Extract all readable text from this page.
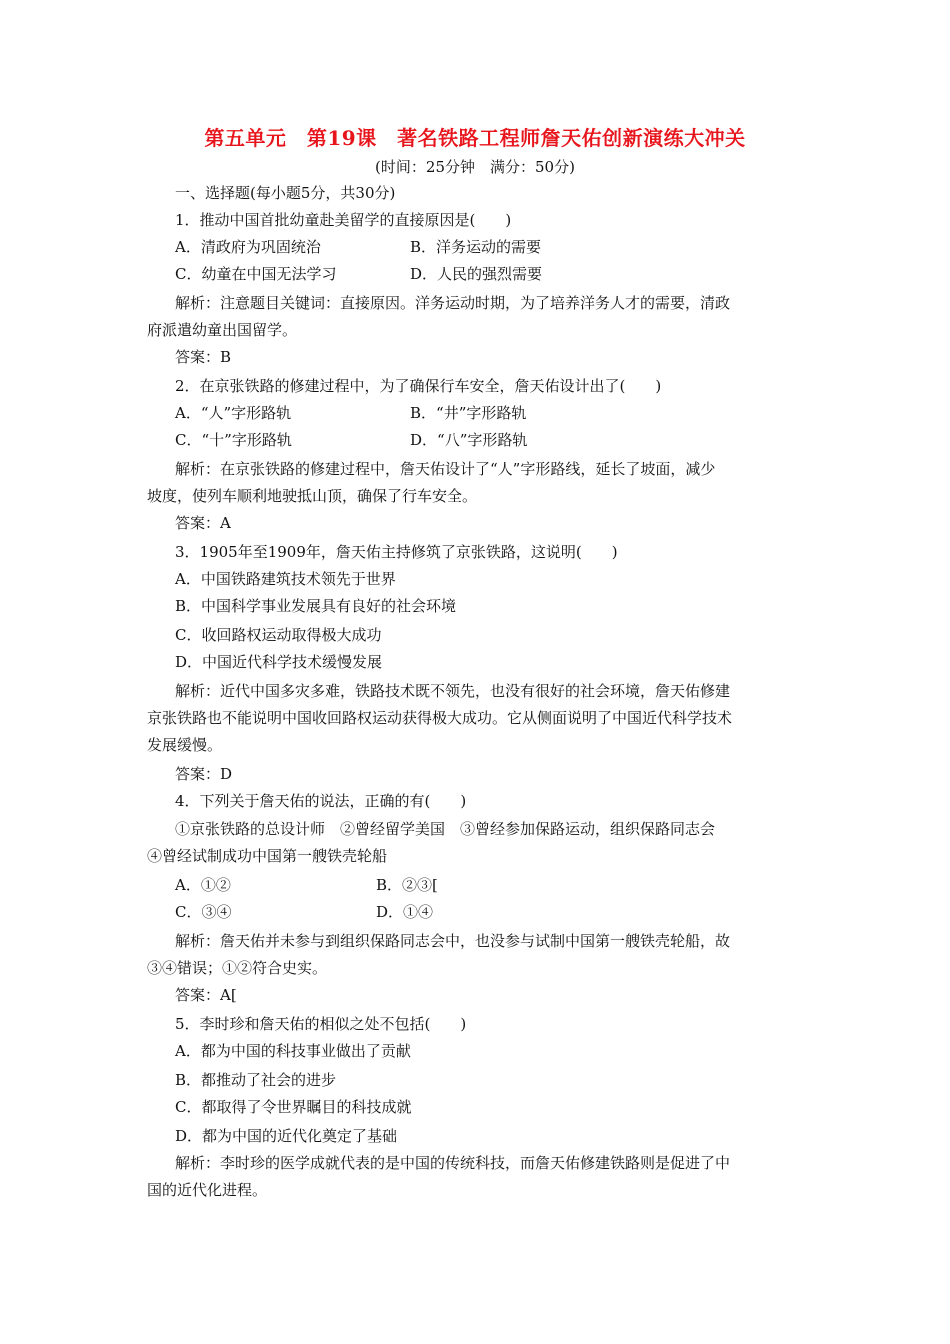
第五单元　第19课　著名铁路工程师詹天佑创新演练大冲关
(时间：25分钟　满分：50分)
一、选择题(每小题5分，共30分)
1．推动中国首批幼童赴美留学的直接原因是(　　)
A．清政府为巩固统治	B．洋务运动的需要
C．幼童在中国无法学习	D．人民的强烈需要
解析：注意题目关键词：直接原因。洋务运动时期，为了培养洋务人才的需要，清政
府派遣幼童出国留学。
答案：B
2．在京张铁路的修建过程中，为了确保行车安全，詹天佑设计出了(　　)
A．“人”字形路轨	B．“井”字形路轨
C．“十”字形路轨	D．“八”字形路轨
解析：在京张铁路的修建过程中，詹天佑设计了“人”字形路线，延长了坡面，减少
坡度，使列车顺利地驶抵山顶，确保了行车安全。
答案：A
3．1905年至1909年，詹天佑主持修筑了京张铁路，这说明(　　)
A．中国铁路建筑技术领先于世界
B．中国科学事业发展具有良好的社会环境
C．收回路权运动取得极大成功
D．中国近代科学技术缓慢发展
解析：近代中国多灾多难，铁路技术既不领先，也没有很好的社会环境，詹天佑修建
京张铁路也不能说明中国收回路权运动获得极大成功。它从侧面说明了中国近代科学技术
发展缓慢。
答案：D
4．下列关于詹天佑的说法，正确的有(　　)
①京张铁路的总设计师　②曾经留学美国　③曾经参加保路运动，组织保路同志会
④曾经试制成功中国第一艘铁壳轮船
A．①②	B．②③[
C．③④	D．①④
解析：詹天佑并未参与到组织保路同志会中，也没参与试制中国第一艘铁壳轮船，故
③④错误；①②符合史实。
答案：A[
5．李时珍和詹天佑的相似之处不包括(　　)
A．都为中国的科技事业做出了贡献
B．都推动了社会的进步
C．都取得了令世界瞩目的科技成就
D．都为中国的近代化奠定了基础
解析：李时珍的医学成就代表的是中国的传统科技，而詹天佑修建铁路则是促进了中
国的近代化进程。
